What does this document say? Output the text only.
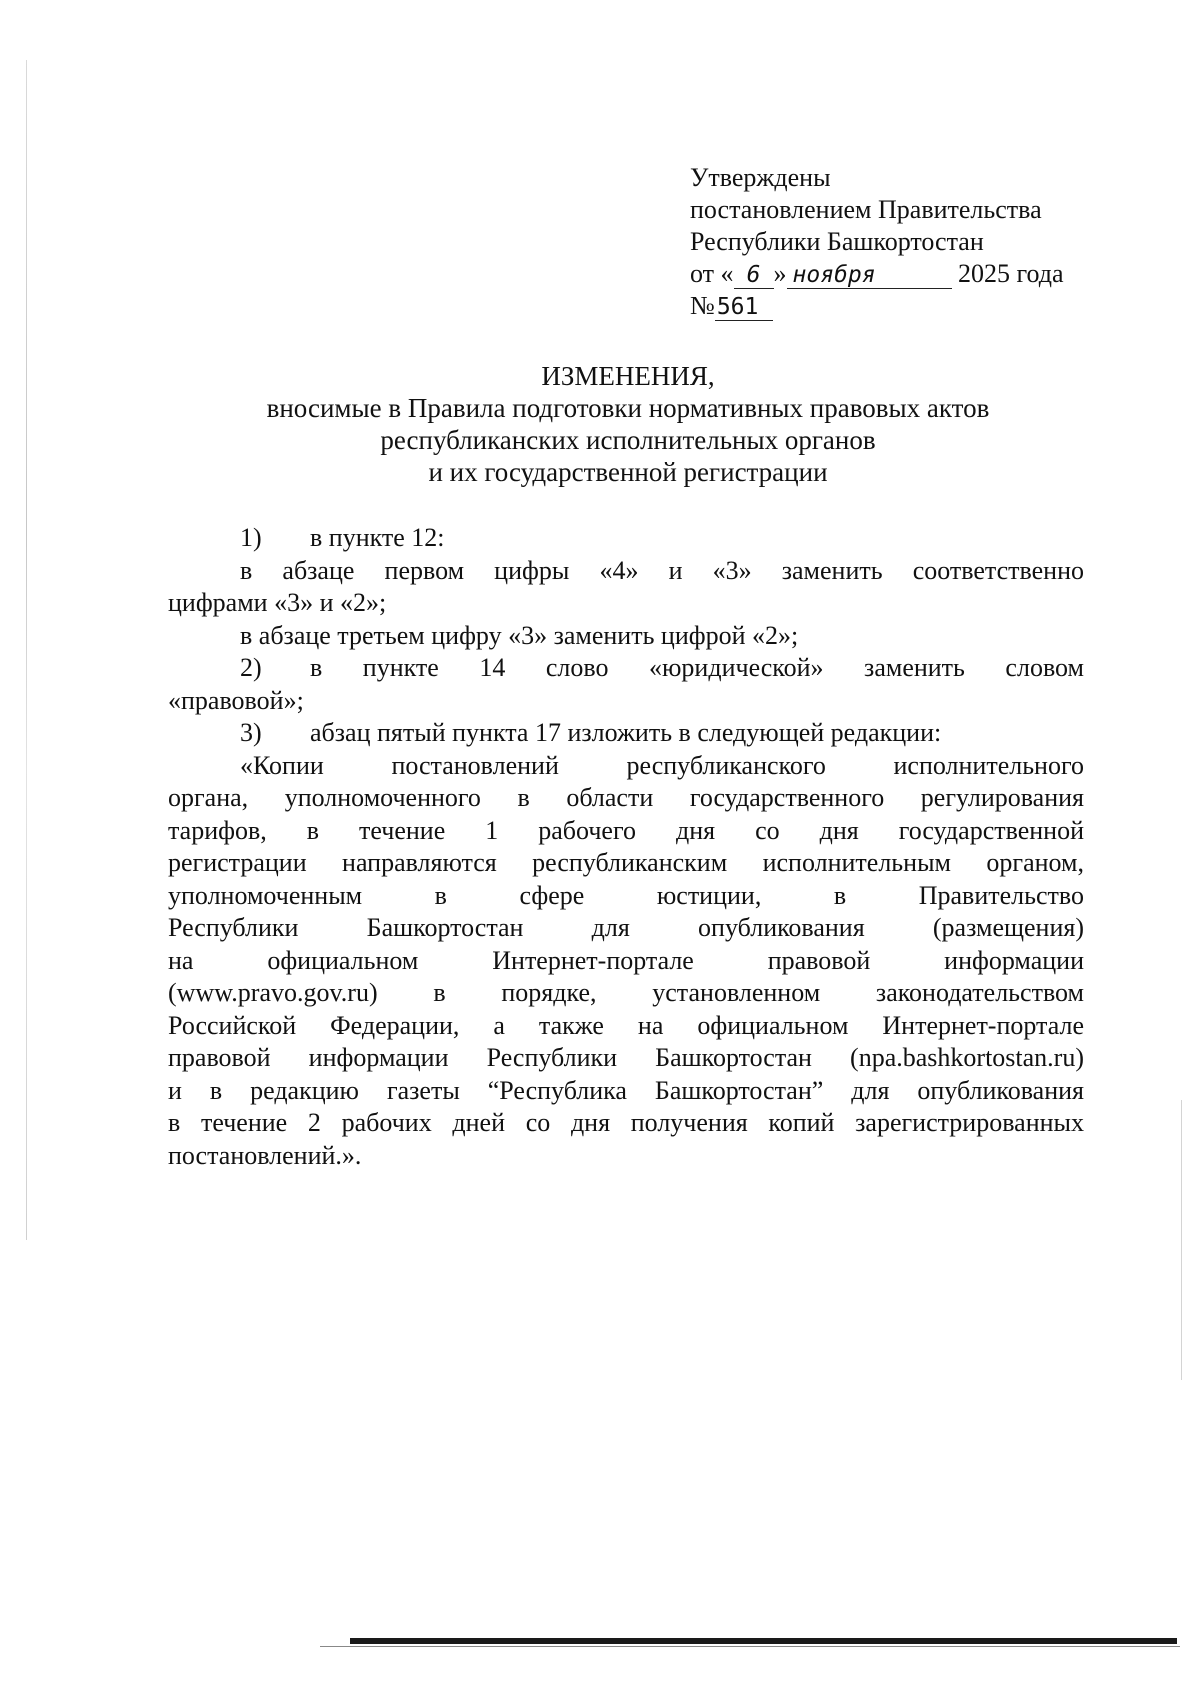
Утверждены
постановлением Правительства
Республики Башкортостан
от « 6 » ноября	2025 года
№561
ИЗМЕНЕНИЯ,
вносимые в Правила подготовки нормативных правовых актов
республиканских исполнительных органов
и их государственной регистрации

1) в пункте 12:

в абзаце первом цифры «4» и «3» заменить соответственно

цифрами «3» и «2»;

в абзаце третьем цифру «3» заменить цифрой «2»;

2) в пункте 14 слово «юридической» заменить словом

«правовой»;

3) абзац пятый пункта 17 изложить в следующей редакции:

«Копии постановлений республиканского исполнительного

органа, уполномоченного в области государственного регулирования

тарифов, в течение 1 рабочего дня со дня государственной

регистрации направляются республиканским исполнительным органом,

уполномоченным в сфере юстиции, в Правительство

Республики Башкортостан для опубликования (размещения)

на официальном Интернет-портале правовой информации

(www.pravo.gov.ru) в порядке, установленном законодательством

Российской Федерации, а также на официальном Интернет-портале

правовой информации Республики Башкортостан (npa.bashkortostan.ru)

и в редакцию газеты “Республика Башкортостан” для опубликования

в течение 2 рабочих дней со дня получения копий зарегистрированных

постановлений.».
